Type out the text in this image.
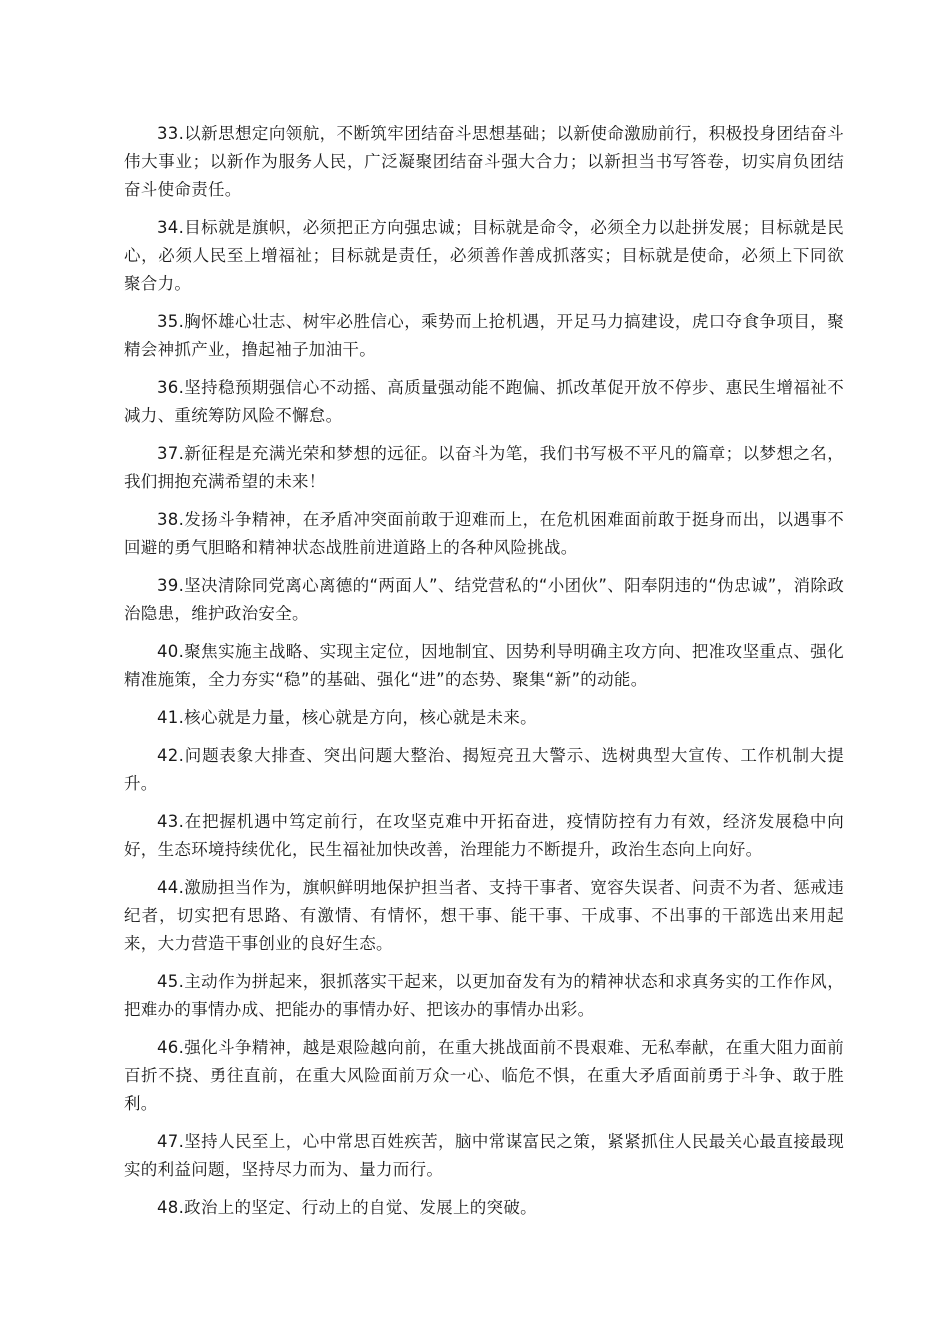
33.以新思想定向领航，不断筑牢团结奋斗思想基础；以新使命激励前行，积极投身团结奋斗伟大事业；以新作为服务人民，广泛凝聚团结奋斗强大合力；以新担当书写答卷，切实肩负团结奋斗使命责任。

34.目标就是旗帜，必须把正方向强忠诚；目标就是命令，必须全力以赴拼发展；目标就是民心，必须人民至上增福祉；目标就是责任，必须善作善成抓落实；目标就是使命，必须上下同欲聚合力。

35.胸怀雄心壮志、树牢必胜信心，乘势而上抢机遇，开足马力搞建设，虎口夺食争项目，聚精会神抓产业，撸起袖子加油干。

36.坚持稳预期强信心不动摇、高质量强动能不跑偏、抓改革促开放不停步、惠民生增福祉不减力、重统筹防风险不懈怠。

37.新征程是充满光荣和梦想的远征。以奋斗为笔，我们书写极不平凡的篇章；以梦想之名，我们拥抱充满希望的未来！

38.发扬斗争精神，在矛盾冲突面前敢于迎难而上，在危机困难面前敢于挺身而出，以遇事不回避的勇气胆略和精神状态战胜前进道路上的各种风险挑战。

39.坚决清除同党离心离德的“两面人”、结党营私的“小团伙”、阳奉阴违的“伪忠诚”，消除政治隐患，维护政治安全。

40.聚焦实施主战略、实现主定位，因地制宜、因势利导明确主攻方向、把准攻坚重点、强化精准施策，全力夯实“稳”的基础、强化“进”的态势、聚集“新”的动能。

41.核心就是力量，核心就是方向，核心就是未来。

42.问题表象大排查、突出问题大整治、揭短亮丑大警示、选树典型大宣传、工作机制大提升。

43.在把握机遇中笃定前行，在攻坚克难中开拓奋进，疫情防控有力有效，经济发展稳中向好，生态环境持续优化，民生福祉加快改善，治理能力不断提升，政治生态向上向好。

44.激励担当作为，旗帜鲜明地保护担当者、支持干事者、宽容失误者、问责不为者、惩戒违纪者，切实把有思路、有激情、有情怀，想干事、能干事、干成事、不出事的干部选出来用起来，大力营造干事创业的良好生态。

45.主动作为拼起来，狠抓落实干起来，以更加奋发有为的精神状态和求真务实的工作作风，把难办的事情办成、把能办的事情办好、把该办的事情办出彩。

46.强化斗争精神，越是艰险越向前，在重大挑战面前不畏艰难、无私奉献，在重大阻力面前百折不挠、勇往直前，在重大风险面前万众一心、临危不惧，在重大矛盾面前勇于斗争、敢于胜利。

47.坚持人民至上，心中常思百姓疾苦，脑中常谋富民之策，紧紧抓住人民最关心最直接最现实的利益问题，坚持尽力而为、量力而行。

48.政治上的坚定、行动上的自觉、发展上的突破。
